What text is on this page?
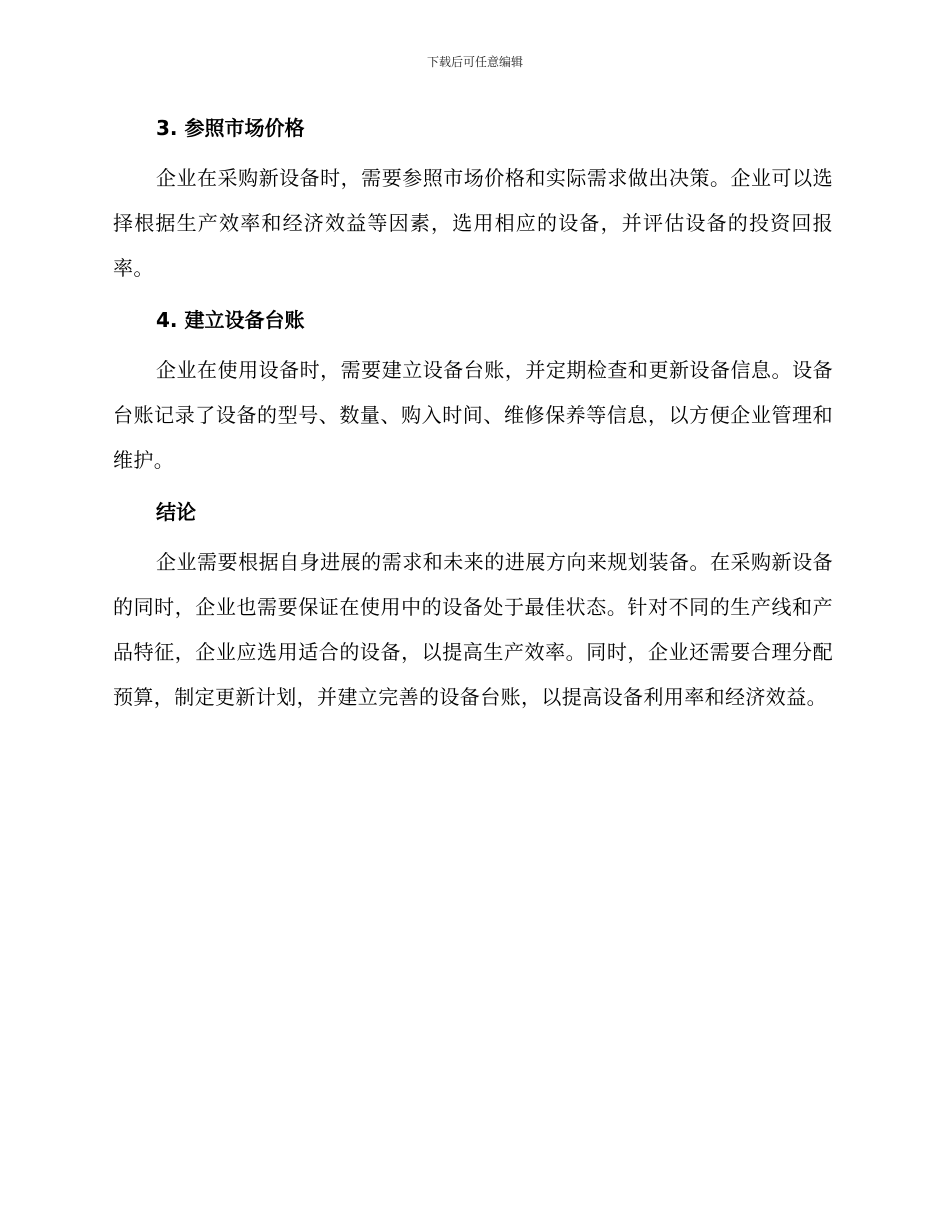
下载后可任意编辑
3. 参照市场价格

企业在采购新设备时，需要参照市场价格和实际需求做出决策。企业可以选择根据生产效率和经济效益等因素，选用相应的设备，并评估设备的投资回报率。

4. 建立设备台账

企业在使用设备时，需要建立设备台账，并定期检查和更新设备信息。设备台账记录了设备的型号、数量、购入时间、维修保养等信息，以方便企业管理和维护。

结论

企业需要根据自身进展的需求和未来的进展方向来规划装备。在采购新设备的同时，企业也需要保证在使用中的设备处于最佳状态。针对不同的生产线和产品特征，企业应选用适合的设备，以提高生产效率。同时，企业还需要合理分配预算，制定更新计划，并建立完善的设备台账，以提高设备利用率和经济效益。
